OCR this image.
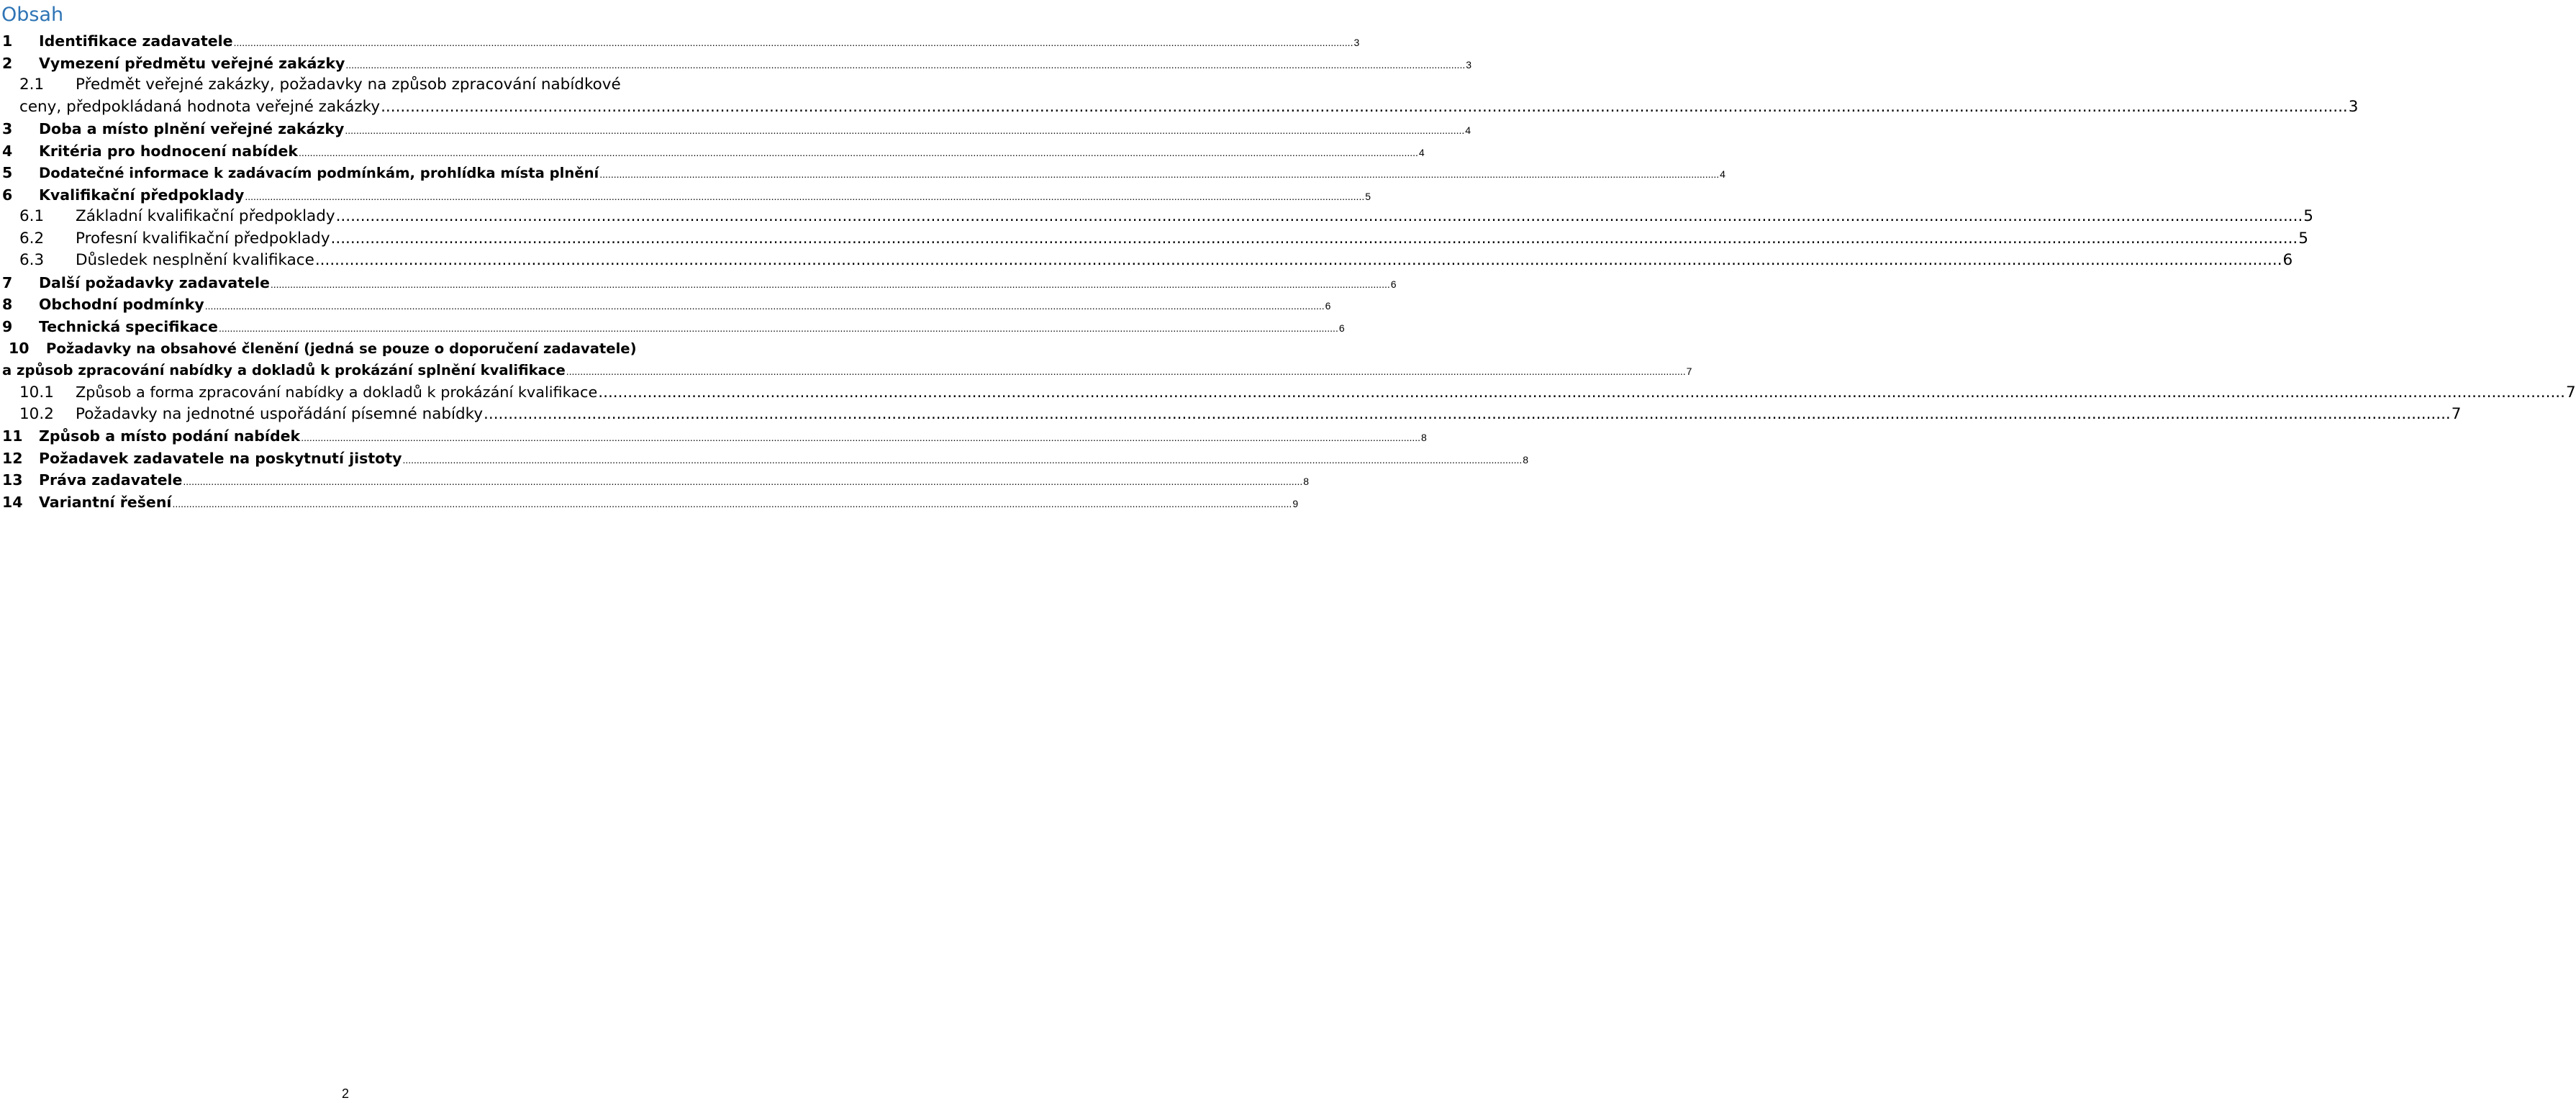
Obsah
1	Identifikace zadavatele ................................................................................................................................................................................................................................................................................................................................................................................................................ 3
2	Vymezení předmětu veřejné zakázky ................................................................................................................................................................................................................................................................................................................................................................................................................ 3
2.1	Předmět veřejné zakázky, požadavky na způsob zpracování nabídkové
ceny, předpokládaná hodnota veřejné zakázky ................................................................................................................................................................................................................................................................................................................................................................................................................ 3
3	Doba a místo plnění veřejné zakázky ................................................................................................................................................................................................................................................................................................................................................................................................................ 4
4	Kritéria pro hodnocení nabídek ................................................................................................................................................................................................................................................................................................................................................................................................................ 4
5	Dodatečné informace k zadávacím podmínkám, prohlídka místa plnění ................................................................................................................................................................................................................................................................................................................................................................................................................ 4
6	Kvalifikační předpoklady ................................................................................................................................................................................................................................................................................................................................................................................................................ 5
6.1	Základní kvalifikační předpoklady ................................................................................................................................................................................................................................................................................................................................................................................................................ 5
6.2	Profesní kvalifikační předpoklady ................................................................................................................................................................................................................................................................................................................................................................................................................ 5
6.3	Důsledek nesplnění kvalifikace ................................................................................................................................................................................................................................................................................................................................................................................................................ 6
7	Další požadavky zadavatele ................................................................................................................................................................................................................................................................................................................................................................................................................ 6
8	Obchodní podmínky ................................................................................................................................................................................................................................................................................................................................................................................................................ 6
9	Technická specifikace ................................................................................................................................................................................................................................................................................................................................................................................................................ 6
10	Požadavky na obsahové členění (jedná se pouze o doporučení zadavatele)
a způsob zpracování nabídky a dokladů k prokázání splnění kvalifikace ................................................................................................................................................................................................................................................................................................................................................................................................................ 7
10.1	Způsob a forma zpracování nabídky a dokladů k prokázání kvalifikace ................................................................................................................................................................................................................................................................................................................................................................................................................ 7
10.2	Požadavky na jednotné uspořádání písemné nabídky ................................................................................................................................................................................................................................................................................................................................................................................................................ 7
11	Způsob a místo podání nabídek ................................................................................................................................................................................................................................................................................................................................................................................................................ 8
12	Požadavek zadavatele na poskytnutí jistoty ................................................................................................................................................................................................................................................................................................................................................................................................................ 8
13	Práva zadavatele ................................................................................................................................................................................................................................................................................................................................................................................................................ 8
14	Variantní řešení ................................................................................................................................................................................................................................................................................................................................................................................................................ 9
2
